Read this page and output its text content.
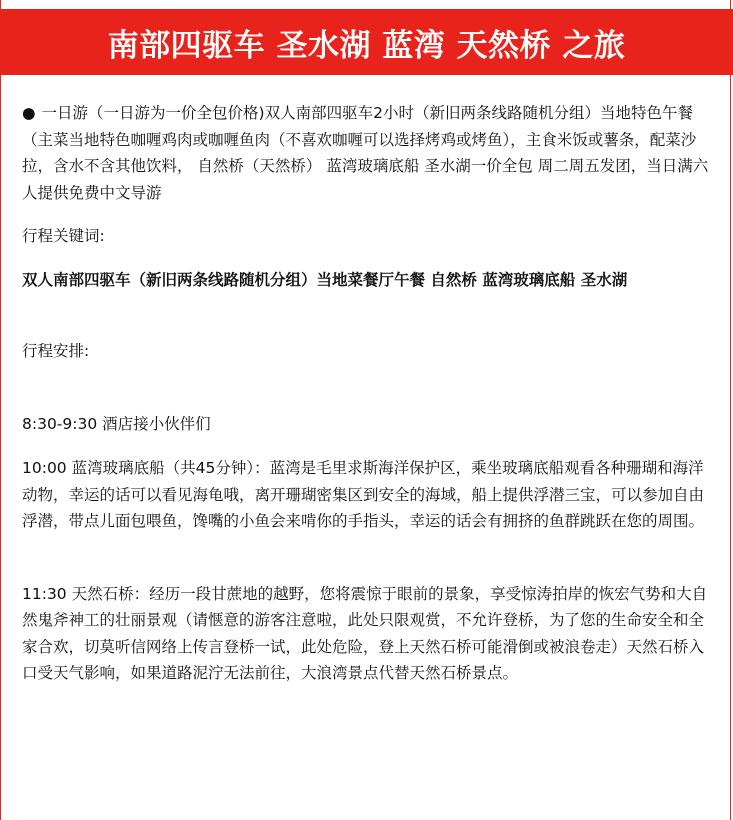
南部四驱车 圣水湖 蓝湾 天然桥 之旅

● 一日游（一日游为一价全包价格)双人南部四驱车2小时（新旧两条线路随机分组）当地特色午餐（主菜当地特色咖喱鸡肉或咖喱鱼肉（不喜欢咖喱可以选择烤鸡或烤鱼），主食米饭或薯条，配菜沙拉，含水不含其他饮料， 自然桥（天然桥） 蓝湾玻璃底船 圣水湖一价全包 周二周五发团，当日满六人提供免费中文导游

行程关键词:

双人南部四驱车（新旧两条线路随机分组）当地菜餐厅午餐 自然桥 蓝湾玻璃底船 圣水湖

行程安排:

8:30-9:30 酒店接小伙伴们

10:00 蓝湾玻璃底船（共45分钟）：蓝湾是毛里求斯海洋保护区，乘坐玻璃底船观看各种珊瑚和海洋动物，幸运的话可以看见海龟哦，离开珊瑚密集区到安全的海域，船上提供浮潜三宝，可以参加自由浮潜，带点儿面包喂鱼，馋嘴的小鱼会来啃你的手指头，幸运的话会有拥挤的鱼群跳跃在您的周围。

11:30 天然石桥：经历一段甘蔗地的越野，您将震惊于眼前的景象，享受惊涛拍岸的恢宏气势和大自然鬼斧神工的壮丽景观（请惬意的游客注意啦，此处只限观赏，不允许登桥，为了您的生命安全和全家合欢，切莫听信网络上传言登桥一试，此处危险，登上天然石桥可能滑倒或被浪卷走）天然石桥入口受天气影响，如果道路泥泞无法前往，大浪湾景点代替天然石桥景点。
